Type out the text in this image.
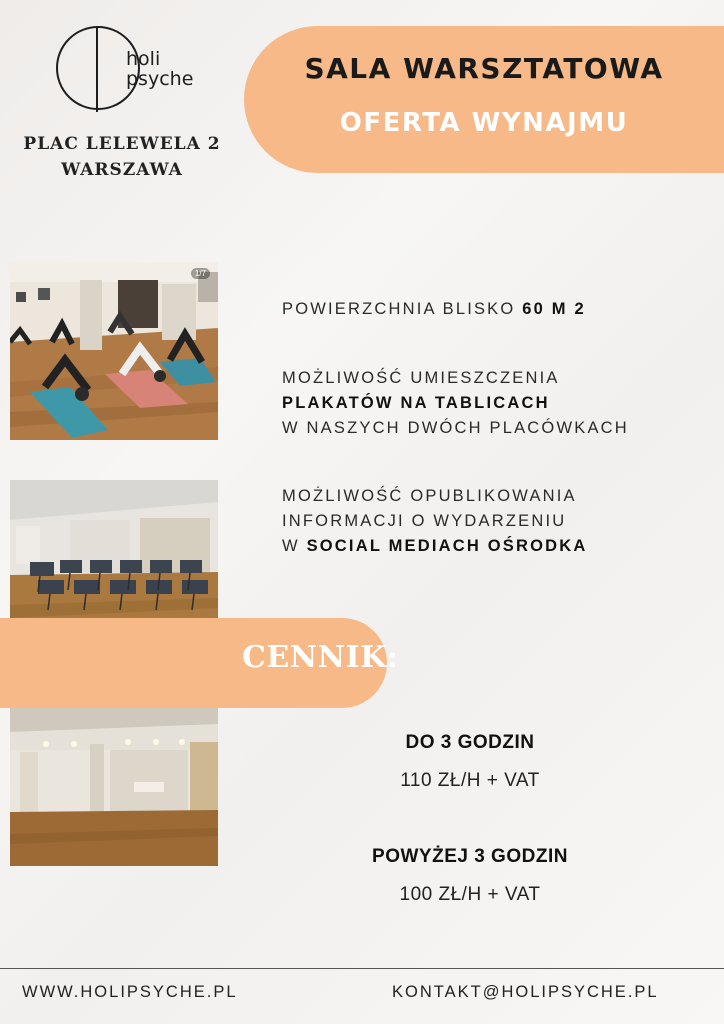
holi
psyche
PLAC LELEWELA 2
WARSZAWA
SALA WARSZTATOWA
OFERTA WYNAJMU
1/7
POWIERZCHNIA BLISKO 60 M 2
MOŻLIWOŚĆ UMIESZCZENIA
PLAKATÓW NA TABLICACH
W NASZYCH DWÓCH PLACÓWKACH
MOŻLIWOŚĆ OPUBLIKOWANIA
INFORMACJI O WYDARZENIU
W SOCIAL MEDIACH OŚRODKA
CENNIK:
DO 3 GODZIN
110 ZŁ/H + VAT
POWYŻEJ 3 GODZIN
100 ZŁ/H + VAT
WWW.HOLIPSYCHE.PL	KONTAKT@HOLIPSYCHE.PL
